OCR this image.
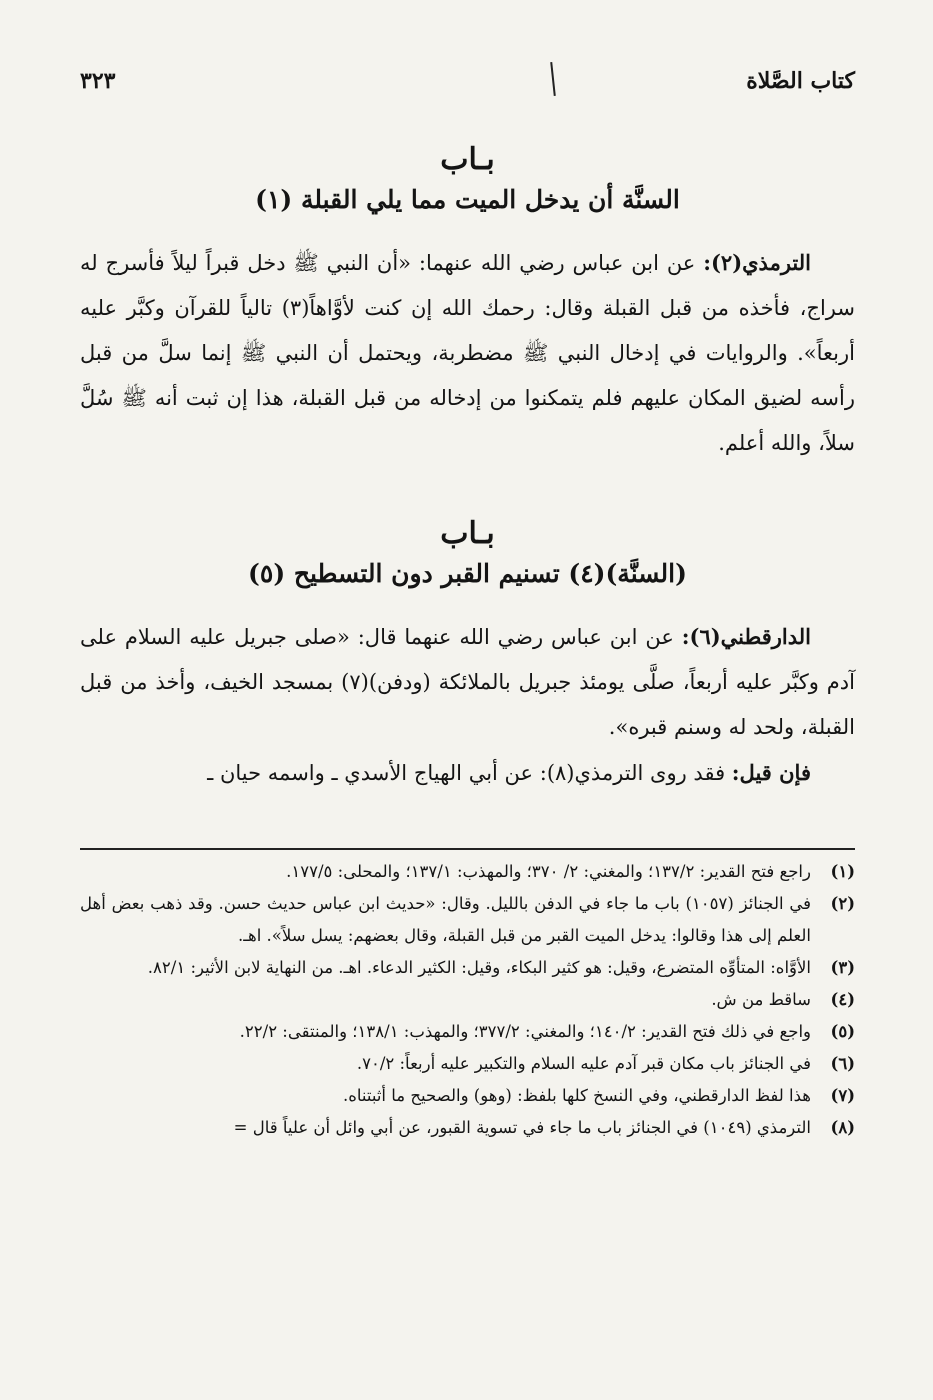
كتاب الصَّلاة
٣٢٣
بـاب
السنَّة أن يدخل الميت مما يلي القبلة (١)

الترمذي(٢): عن ابن عباس رضي الله عنهما: «أن النبي ﷺ دخل قبراً ليلاً فأسرج له سراج، فأخذه من قبل القبلة وقال: رحمك الله إن كنت لأوَّاهاً(٣) تالياً للقرآن وكبَّر عليه أربعاً». والروايات في إدخال النبي ﷺ مضطربة، ويحتمل أن النبي ﷺ إنما سلَّ من قبل رأسه لضيق المكان عليهم فلم يتمكنوا من إدخاله من قبل القبلة، هذا إن ثبت أنه ﷺ سُلَّ سلاً، والله أعلم.

بـاب
(السنَّة)(٤) تسنيم القبر دون التسطيح (٥)

الدارقطني(٦): عن ابن عباس رضي الله عنهما قال: «صلى جبريل عليه السلام على آدم وكبَّر عليه أربعاً، صلَّى يومئذ جبريل بالملائكة (ودفن)(٧) بمسجد الخيف، وأخذ من قبل القبلة، ولحد له وسنم قبره».

فإن قيل: فقد روى الترمذي(٨): عن أبي الهياج الأسدي ـ واسمه حيان ـ

(١)
راجع فتح القدير: ١٣٧/٢؛ والمغني: ٢/ ٣٧٠؛ والمهذب: ١٣٧/١؛ والمحلى: ١٧٧/٥.
(٢)
في الجنائز (١٠٥٧) باب ما جاء في الدفن بالليل. وقال: «حديث ابن عباس حديث حسن. وقد ذهب بعض أهل العلم إلى هذا وقالوا: يدخل الميت القبر من قبل القبلة، وقال بعضهم: يسل سلاً». اهـ.
(٣)
الأوَّاه: المتأوِّه المتضرع، وقيل: هو كثير البكاء، وقيل: الكثير الدعاء. اهـ. من النهاية لابن الأثير: ٨٢/١.
(٤)
ساقط من ش.
(٥)
واجع في ذلك فتح القدير: ١٤٠/٢؛ والمغني: ٣٧٧/٢؛ والمهذب: ١٣٨/١؛ والمنتقى: ٢٢/٢.
(٦)
في الجنائز باب مكان قبر آدم عليه السلام والتكبير عليه أربعاً: ٧٠/٢.
(٧)
هذا لفظ الدارقطني، وفي النسخ كلها بلفظ: (وهو) والصحيح ما أثبتناه.
(٨)
الترمذي (١٠٤٩) في الجنائز باب ما جاء في تسوية القبور، عن أبي وائل أن علياً قال =
